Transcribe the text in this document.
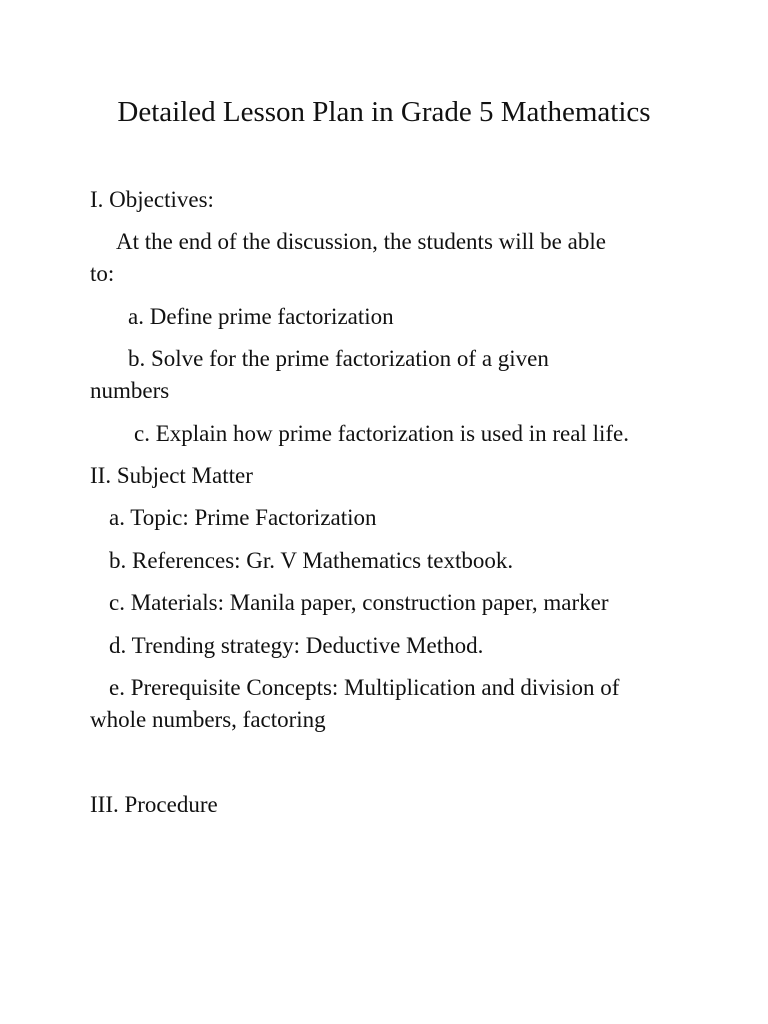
Detailed Lesson Plan in Grade 5 Mathematics
I. Objectives:
At the end of the discussion, the students will be able
to:
a. Define prime factorization
b. Solve for the prime factorization of a given
numbers
c. Explain how prime factorization is used in real life.
II. Subject Matter
a. Topic: Prime Factorization
b. References: Gr. V Mathematics textbook.
c. Materials: Manila paper, construction paper, marker
d. Trending strategy: Deductive Method.
e. Prerequisite Concepts: Multiplication and division of
whole numbers, factoring
III. Procedure
